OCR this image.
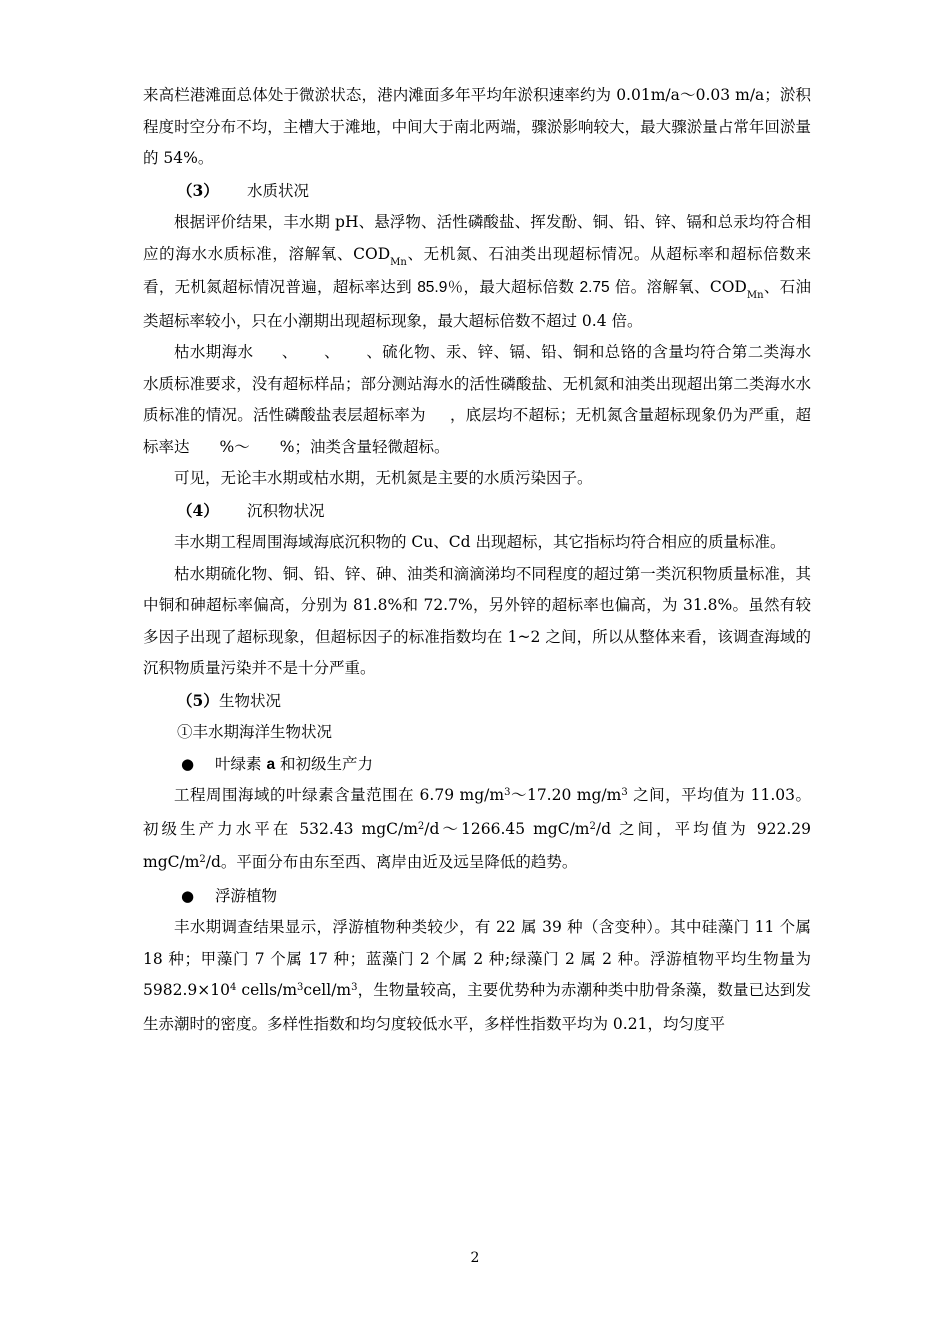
来高栏港滩面总体处于微淤状态，港内滩面多年平均年淤积速率约为 0.01m/a～0.03 m/a；淤积程度时空分布不均，主槽大于滩地，中间大于南北两端，骤淤影响较大，最大骤淤量占常年回淤量的 54%。

（3） 水质状况

根据评价结果，丰水期 pH、悬浮物、活性磷酸盐、挥发酚、铜、铅、锌、镉和总汞均符合相应的海水水质标准，溶解氧、$COD_{Mn}$、无机氮、石油类出现超标情况。从超标率和超标倍数来看，无机氮超标情况普遍，超标率达到 85.9％，最大超标倍数 2.75 倍。溶解氧、$COD_{Mn}$、石油类超标率较小，只在小潮期出现超标现象，最大超标倍数不超过 0.4 倍。

枯水期海水 、 、 、硫化物、汞、锌、镉、铅、铜和总铬的含量均符合第二类海水水质标准要求，没有超标样品；部分测站海水的活性磷酸盐、无机氮和油类出现超出第二类海水水质标准的情况。活性磷酸盐表层超标率为 ，底层均不超标；无机氮含量超标现象仍为严重，超标率达 %～ %；油类含量轻微超标。

可见，无论丰水期或枯水期，无机氮是主要的水质污染因子。

（4） 沉积物状况

丰水期工程周围海域海底沉积物的 Cu、Cd 出现超标，其它指标均符合相应的质量标准。

枯水期硫化物、铜、铅、锌、砷、油类和滴滴涕均不同程度的超过第一类沉积物质量标准，其中铜和砷超标率偏高，分别为 81.8%和 72.7%，另外锌的超标率也偏高，为 31.8%。虽然有较多因子出现了超标现象，但超标因子的标准指数均在 1~2 之间，所以从整体来看，该调查海域的沉积物质量污染并不是十分严重。

（5）生物状况

①丰水期海洋生物状况

● 叶绿素 a 和初级生产力

工程周围海域的叶绿素含量范围在 6.79 $mg/m^3\sim 17.20$ $mg/m^3$ 之间，平均值为 11.03。初级生产力水平在 532.43 mgC/$m^2/d\sim 1266.45$ mgC/$m^2/d$ 之间，平均值为 922.29 mgC/$m^2/d$。平面分布由东至西、离岸由近及远呈降低的趋势。

● 浮游植物

丰水期调查结果显示，浮游植物种类较少，有 22 属 39 种（含变种）。其中硅藻门 11 个属 18 种；甲藻门 7 个属 17 种；蓝藻门 2 个属 2 种;绿藻门 2 属 2 种。浮游植物平均生物量为 $5982.9\times 10^4$ cells/$m^3cell/m^3$，生物量较高，主要优势种为赤潮种类中肋骨条藻，数量已达到发生赤潮时的密度。多样性指数和均匀度较低水平，多样性指数平均为 0.21，均匀度平

2
